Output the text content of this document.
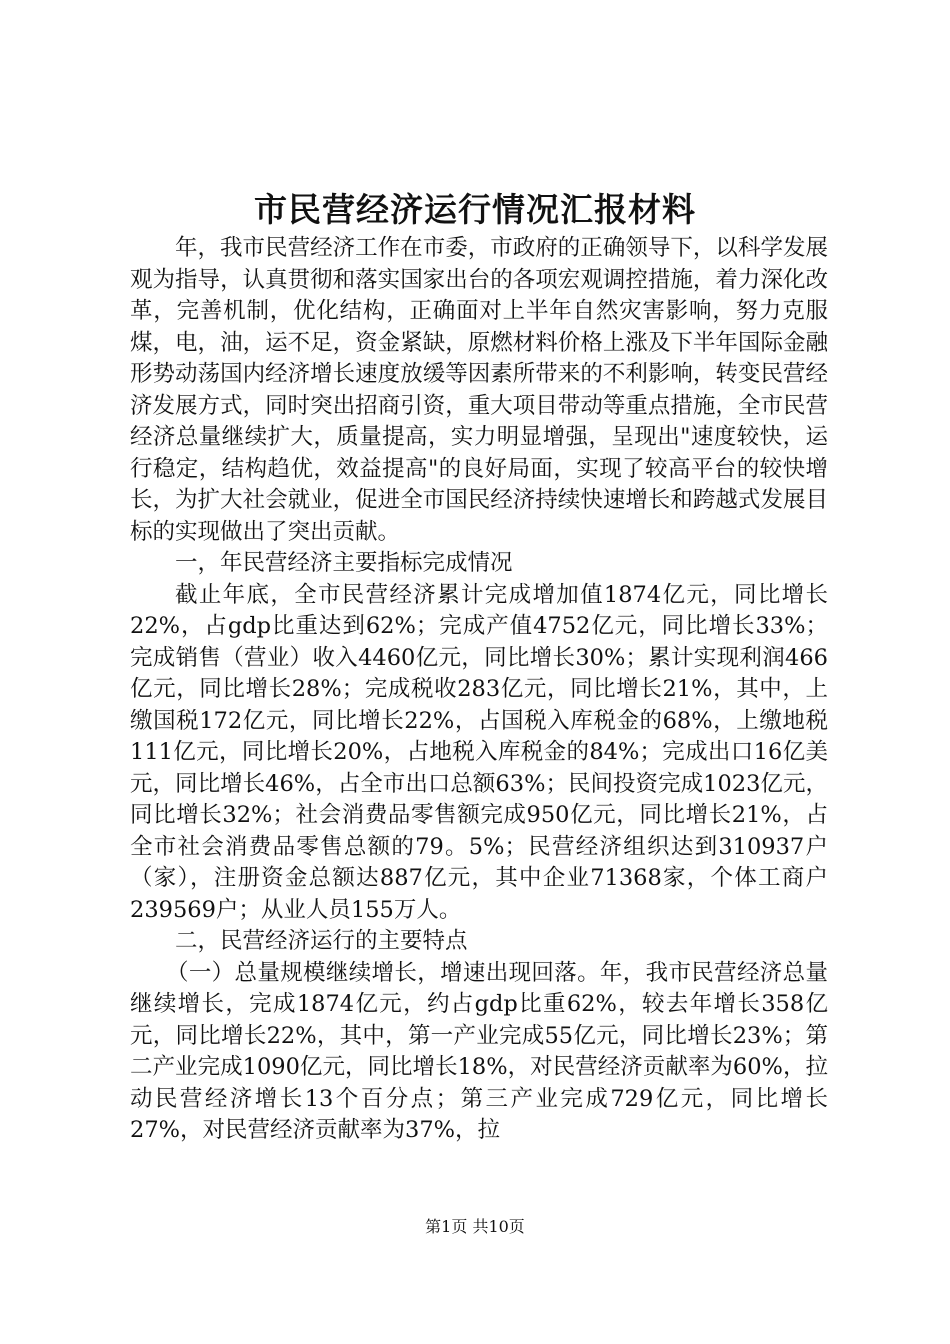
市民营经济运行情况汇报材料

年，我市民营经济工作在市委，市政府的正确领导下，以科学发展观为指导，认真贯彻和落实国家出台的各项宏观调控措施，着力深化改革，完善机制，优化结构，正确面对上半年自然灾害影响，努力克服煤，电，油，运不足，资金紧缺，原燃材料价格上涨及下半年国际金融形势动荡国内经济增长速度放缓等因素所带来的不利影响，转变民营经济发展方式，同时突出招商引资，重大项目带动等重点措施，全市民营经济总量继续扩大，质量提高，实力明显增强，呈现出"速度较快，运行稳定，结构趋优，效益提高"的良好局面，实现了较高平台的较快增长，为扩大社会就业，促进全市国民经济持续快速增长和跨越式发展目标的实现做出了突出贡献。

一，年民营经济主要指标完成情况

截止年底，全市民营经济累计完成增加值1874亿元，同比增长22%，占gdp比重达到62%；完成产值4752亿元，同比增长33%；完成销售（营业）收入4460亿元，同比增长30%；累计实现利润466亿元，同比增长28%；完成税收283亿元，同比增长21%，其中，上缴国税172亿元，同比增长22%，占国税入库税金的68%，上缴地税111亿元，同比增长20%，占地税入库税金的84%；完成出口16亿美元，同比增长46%，占全市出口总额63%；民间投资完成1023亿元，同比增长32%；社会消费品零售额完成950亿元，同比增长21%，占全市社会消费品零售总额的79。5%；民营经济组织达到310937户（家），注册资金总额达887亿元，其中企业71368家，个体工商户239569户；从业人员155万人。

二，民营经济运行的主要特点

（一）总量规模继续增长，增速出现回落。年，我市民营经济总量继续增长，完成1874亿元，约占gdp比重62%，较去年增长358亿元，同比增长22%，其中，第一产业完成55亿元，同比增长23%；第二产业完成1090亿元，同比增长18%，对民营经济贡献率为60%，拉动民营经济增长13个百分点；第三产业完成729亿元，同比增长27%，对民营经济贡献率为37%，拉

第1页 共10页
